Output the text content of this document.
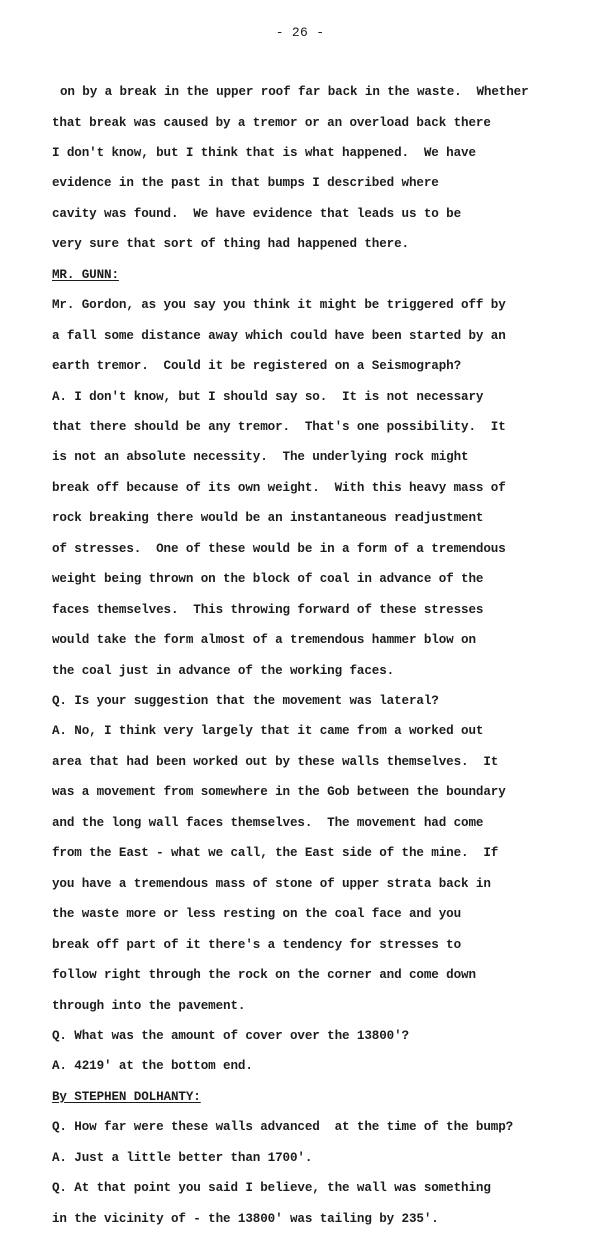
- 26 -
on by a break in the upper roof far back in the waste.  Whether
that break was caused by a tremor or an overload back there
I don't know, but I think that is what happened.  We have
evidence in the past in that bumps I described where
cavity was found.  We have evidence that leads us to be
very sure that sort of thing had happened there.
MR. GUNN:
Mr. Gordon, as you say you think it might be triggered off by
a fall some distance away which could have been started by an
earth tremor.  Could it be registered on a Seismograph?
A. I don't know, but I should say so.  It is not necessary
that there should be any tremor.  That's one possibility.  It
is not an absolute necessity.  The underlying rock might
break off because of its own weight.  With this heavy mass of
rock breaking there would be an instantaneous readjustment
of stresses.  One of these would be in a form of a tremendous
weight being thrown on the block of coal in advance of the
faces themselves.  This throwing forward of these stresses
would take the form almost of a tremendous hammer blow on
the coal just in advance of the working faces.
Q. Is your suggestion that the movement was lateral?
A. No, I think very largely that it came from a worked out
area that had been worked out by these walls themselves.  It
was a movement from somewhere in the Gob between the boundary
and the long wall faces themselves.  The movement had come
from the East - what we call, the East side of the mine.  If
you have a tremendous mass of stone of upper strata back in
the waste more or less resting on the coal face and you
break off part of it there's a tendency for stresses to
follow right through the rock on the corner and come down
through into the pavement.
Q. What was the amount of cover over the 13800'?
A. 4219' at the bottom end.
By STEPHEN DOLHANTY:
Q. How far were these walls advanced  at the time of the bump?
A. Just a little better than 1700'.
Q. At that point you said I believe, the wall was something
in the vicinity of - the 13800' was tailing by 235'.
